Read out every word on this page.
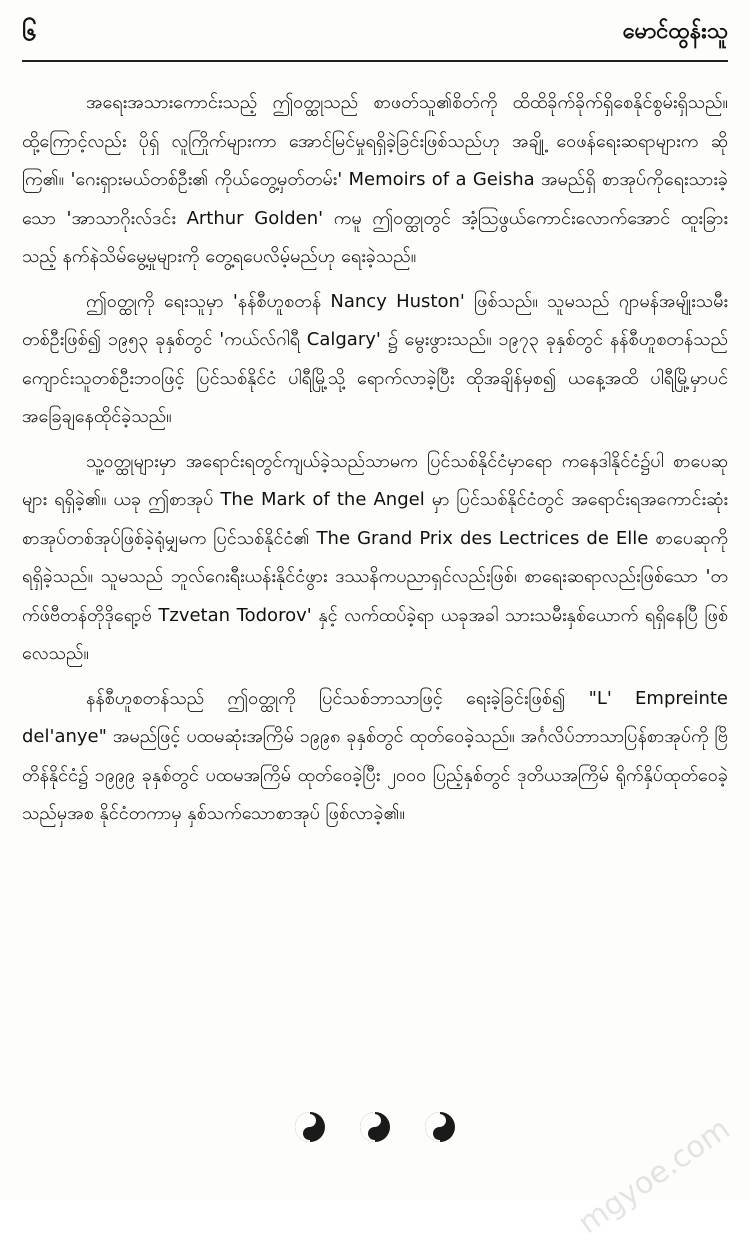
၆	မောင်ထွန်းသူ

အရေးအသားကောင်းသည့် ဤဝတ္ထုသည် စာဖတ်သူ၏စိတ်ကို ထိထိခိုက်ခိုက်ရှိစေနိုင်စွမ်းရှိသည်။ ထို့ကြောင့်လည်း ပိုရှ် လူကြိုက်များကာ အောင်မြင်မှုရရှိခဲ့ခြင်းဖြစ်သည်ဟု အချို့ ဝေဖန်ရေးဆရာများက ဆိုကြ၏။ 'ဂေးရှားမယ်တစ်ဦး၏ ကိုယ်တွေ့မှတ်တမ်း' Memoirs of a Geisha အမည်ရှိ စာအုပ်ကိုရေးသားခဲ့သော 'အာသာဂိုးလ်ဒင်း Arthur Golden' ကမူ ဤဝတ္ထုတွင် အံ့သြဖွယ်ကောင်းလောက်အောင် ထူးခြားသည့် နက်နဲသိမ်မွေ့မှုများကို တွေ့ရပေလိမ့်မည်ဟု ရေးခဲ့သည်။

ဤဝတ္ထုကို ရေးသူမှာ 'နန်စီဟူစတန် Nancy Huston' ဖြစ်သည်။ သူမသည် ဂျာမန်အမျိုးသမီးတစ်ဦးဖြစ်၍ ၁၉၅၃ ခုနှစ်တွင် 'ကယ်လ်ဂါရီ Calgary' ၌ မွေးဖွားသည်။ ၁၉၇၃ ခုနှစ်တွင် နန်စီဟူစတန်သည် ကျောင်းသူတစ်ဦးဘဝဖြင့် ပြင်သစ်နိုင်ငံ ပါရီမြို့သို့ ရောက်လာခဲ့ပြီး ထိုအချိန်မှစ၍ ယနေ့အထိ ပါရီမြို့မှာပင် အခြေချနေထိုင်ခဲ့သည်။

သူ့ဝတ္ထုများမှာ အရောင်းရတွင်ကျယ်ခဲ့သည်သာမက ပြင်သစ်နိုင်ငံမှာရော ကနေဒါနိုင်ငံ၌ပါ စာပေဆုများ ရရှိခဲ့၏။ ယခု ဤစာအုပ် The Mark of the Angel မှာ ပြင်သစ်နိုင်ငံတွင် အရောင်းရအကောင်းဆုံး စာအုပ်တစ်အုပ်ဖြစ်ခဲ့ရုံမျှမက ပြင်သစ်နိုင်ငံ၏ The Grand Prix des Lectrices de Elle စာပေဆုကို ရရှိခဲ့သည်။ သူမသည် ဘူလ်ဂေးရီးယန်းနိုင်ငံဖွား ဒဿနိကပညာရှင်လည်းဖြစ်၊ စာရေးဆရာလည်းဖြစ်သော 'တက်ဖ်ဗီတန်တိုဒိုရော့ဗ် Tzvetan Todorov' နှင့် လက်ထပ်ခဲ့ရာ ယခုအခါ သားသမီးနှစ်ယောက် ရရှိနေပြီ ဖြစ်လေသည်။

နန်စီဟူစတန်သည် ဤဝတ္ထုကို ပြင်သစ်ဘာသာဖြင့် ရေးခဲ့ခြင်းဖြစ်၍ "L' Empreinte del'anye" အမည်ဖြင့် ပထမဆုံးအကြိမ် ၁၉၉၈ ခုနှစ်တွင် ထုတ်ဝေခဲ့သည်။ အင်္ဂလိပ်ဘာသာပြန်စာအုပ်ကို ဗြိတိန်နိုင်ငံ၌ ၁၉၉၉ ခုနှစ်တွင် ပထမအကြိမ် ထုတ်ဝေခဲ့ပြီး ၂၀၀၀ ပြည့်နှစ်တွင် ဒုတိယအကြိမ် ရိုက်နှိပ်ထုတ်ဝေခဲ့သည်မှအစ နိုင်ငံတကာမှ နှစ်သက်သောစာအုပ် ဖြစ်လာခဲ့၏။

mgyoe.com
